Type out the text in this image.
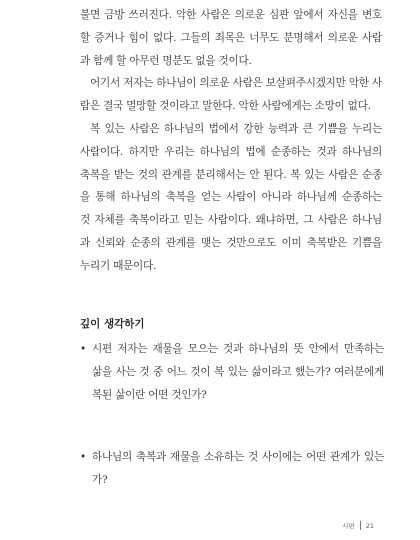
불면 금방 쓰러진다. 악한 사람은 의로운 심판 앞에서 자신을 변호
할 증거나 힘이 없다. 그들의 죄목은 너무도 분명해서 의로운 사람
과 함께 할 아무런 명분도 없을 것이다.

어기서 저자는 하나님이 의로운 사람은 보살펴주시겠지만 악한 사
람은 결국 멸망할 것이라고 말한다. 악한 사람에게는 소망이 없다.

복 있는 사람은 하나님의 법에서 강한 능력과 큰 기쁨을 누리는
사람이다. 하지만 우리는 하나님의 법에 순종하는 것과 하나님의
축복을 받는 것의 관계를 분리해서는 안 된다. 복 있는 사람은 순종
을 통해 하나님의 축복을 얻는 사람이 아니라 하나님께 순종하는
것 자체를 축복이라고 믿는 사람이다. 왜냐하면, 그 사람은 하나님
과 신뢰와 순종의 관계를 맺는 것만으로도 이미 축복받은 기쁨을
누리기 때문이다.

깊이 생각하기
• 시편 저자는 재물을 모으는 것과 하나님의 뜻 안에서 만족하는
삶을 사는 것 중 어느 것이 복 있는 삶이라고 했는가? 여러분에게
복된 삶이란 어떤 것인가?
• 하나님의 축복과 재물을 소유하는 것 사이에는 어떤 관계가 있는
가?
시편 21
